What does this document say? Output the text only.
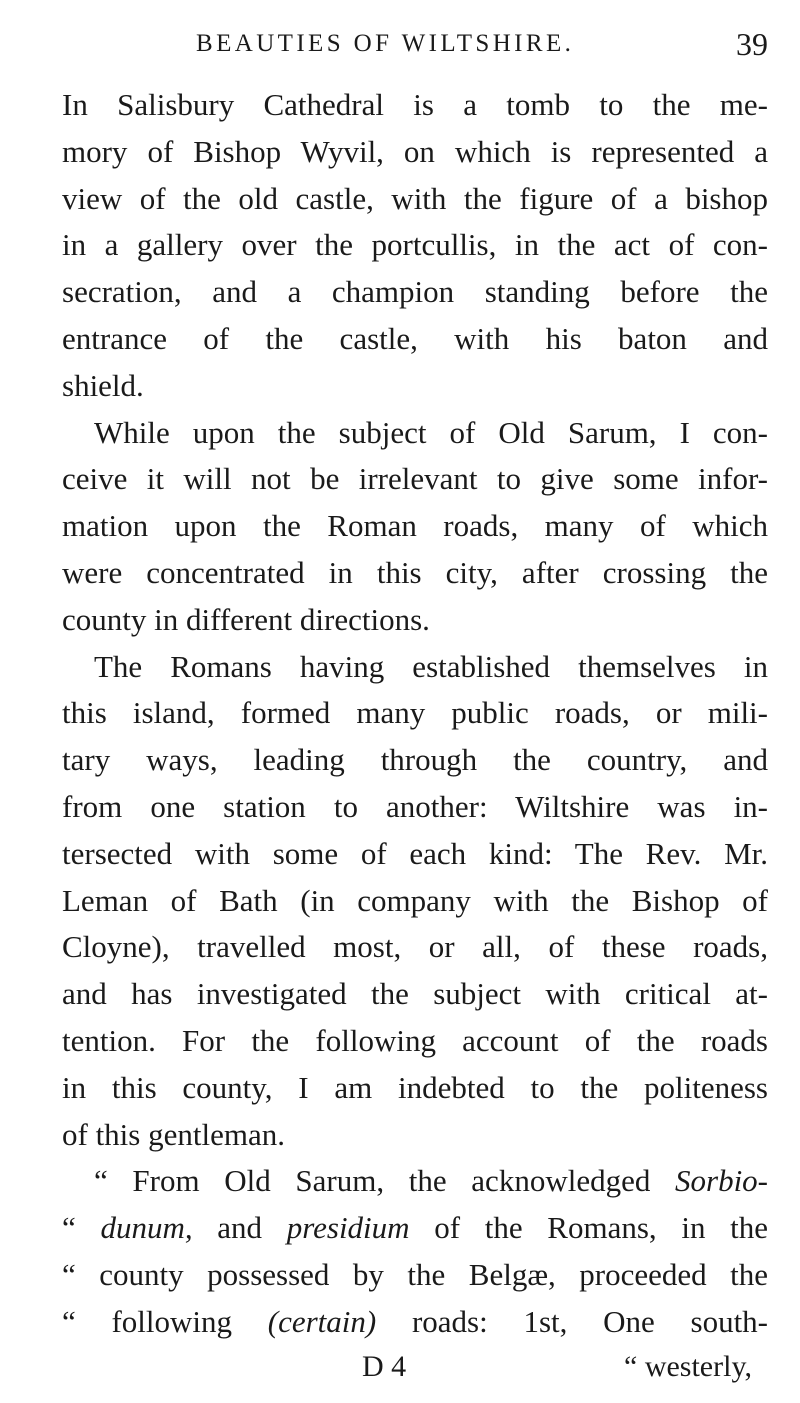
BEAUTIES OF WILTSHIRE.	39

In Salisbury Cathedral is a tomb to the me-
mory of Bishop Wyvil, on which is represented a
view of the old castle, with the figure of a bishop
in a gallery over the portcullis, in the act of con-
secration, and a champion standing before the
entrance of the castle, with his baton and
shield.

While upon the subject of Old Sarum, I con-
ceive it will not be irrelevant to give some infor-
mation upon the Roman roads, many of which
were concentrated in this city, after crossing the
county in different directions.

The Romans having established themselves in
this island, formed many public roads, or mili-
tary ways, leading through the country, and
from one station to another: Wiltshire was in-
tersected with some of each kind: The Rev. Mr.
Leman of Bath (in company with the Bishop of
Cloyne), travelled most, or all, of these roads,
and has investigated the subject with critical at-
tention. For the following account of the roads
in this county, I am indebted to the politeness
of this gentleman.

“ From Old Sarum, the acknowledged Sorbio-
“ dunum, and presidium of the Romans, in the
“ county possessed by the Belgæ, proceeded the
“ following (certain) roads: 1st, One south-

D 4	“ westerly,
